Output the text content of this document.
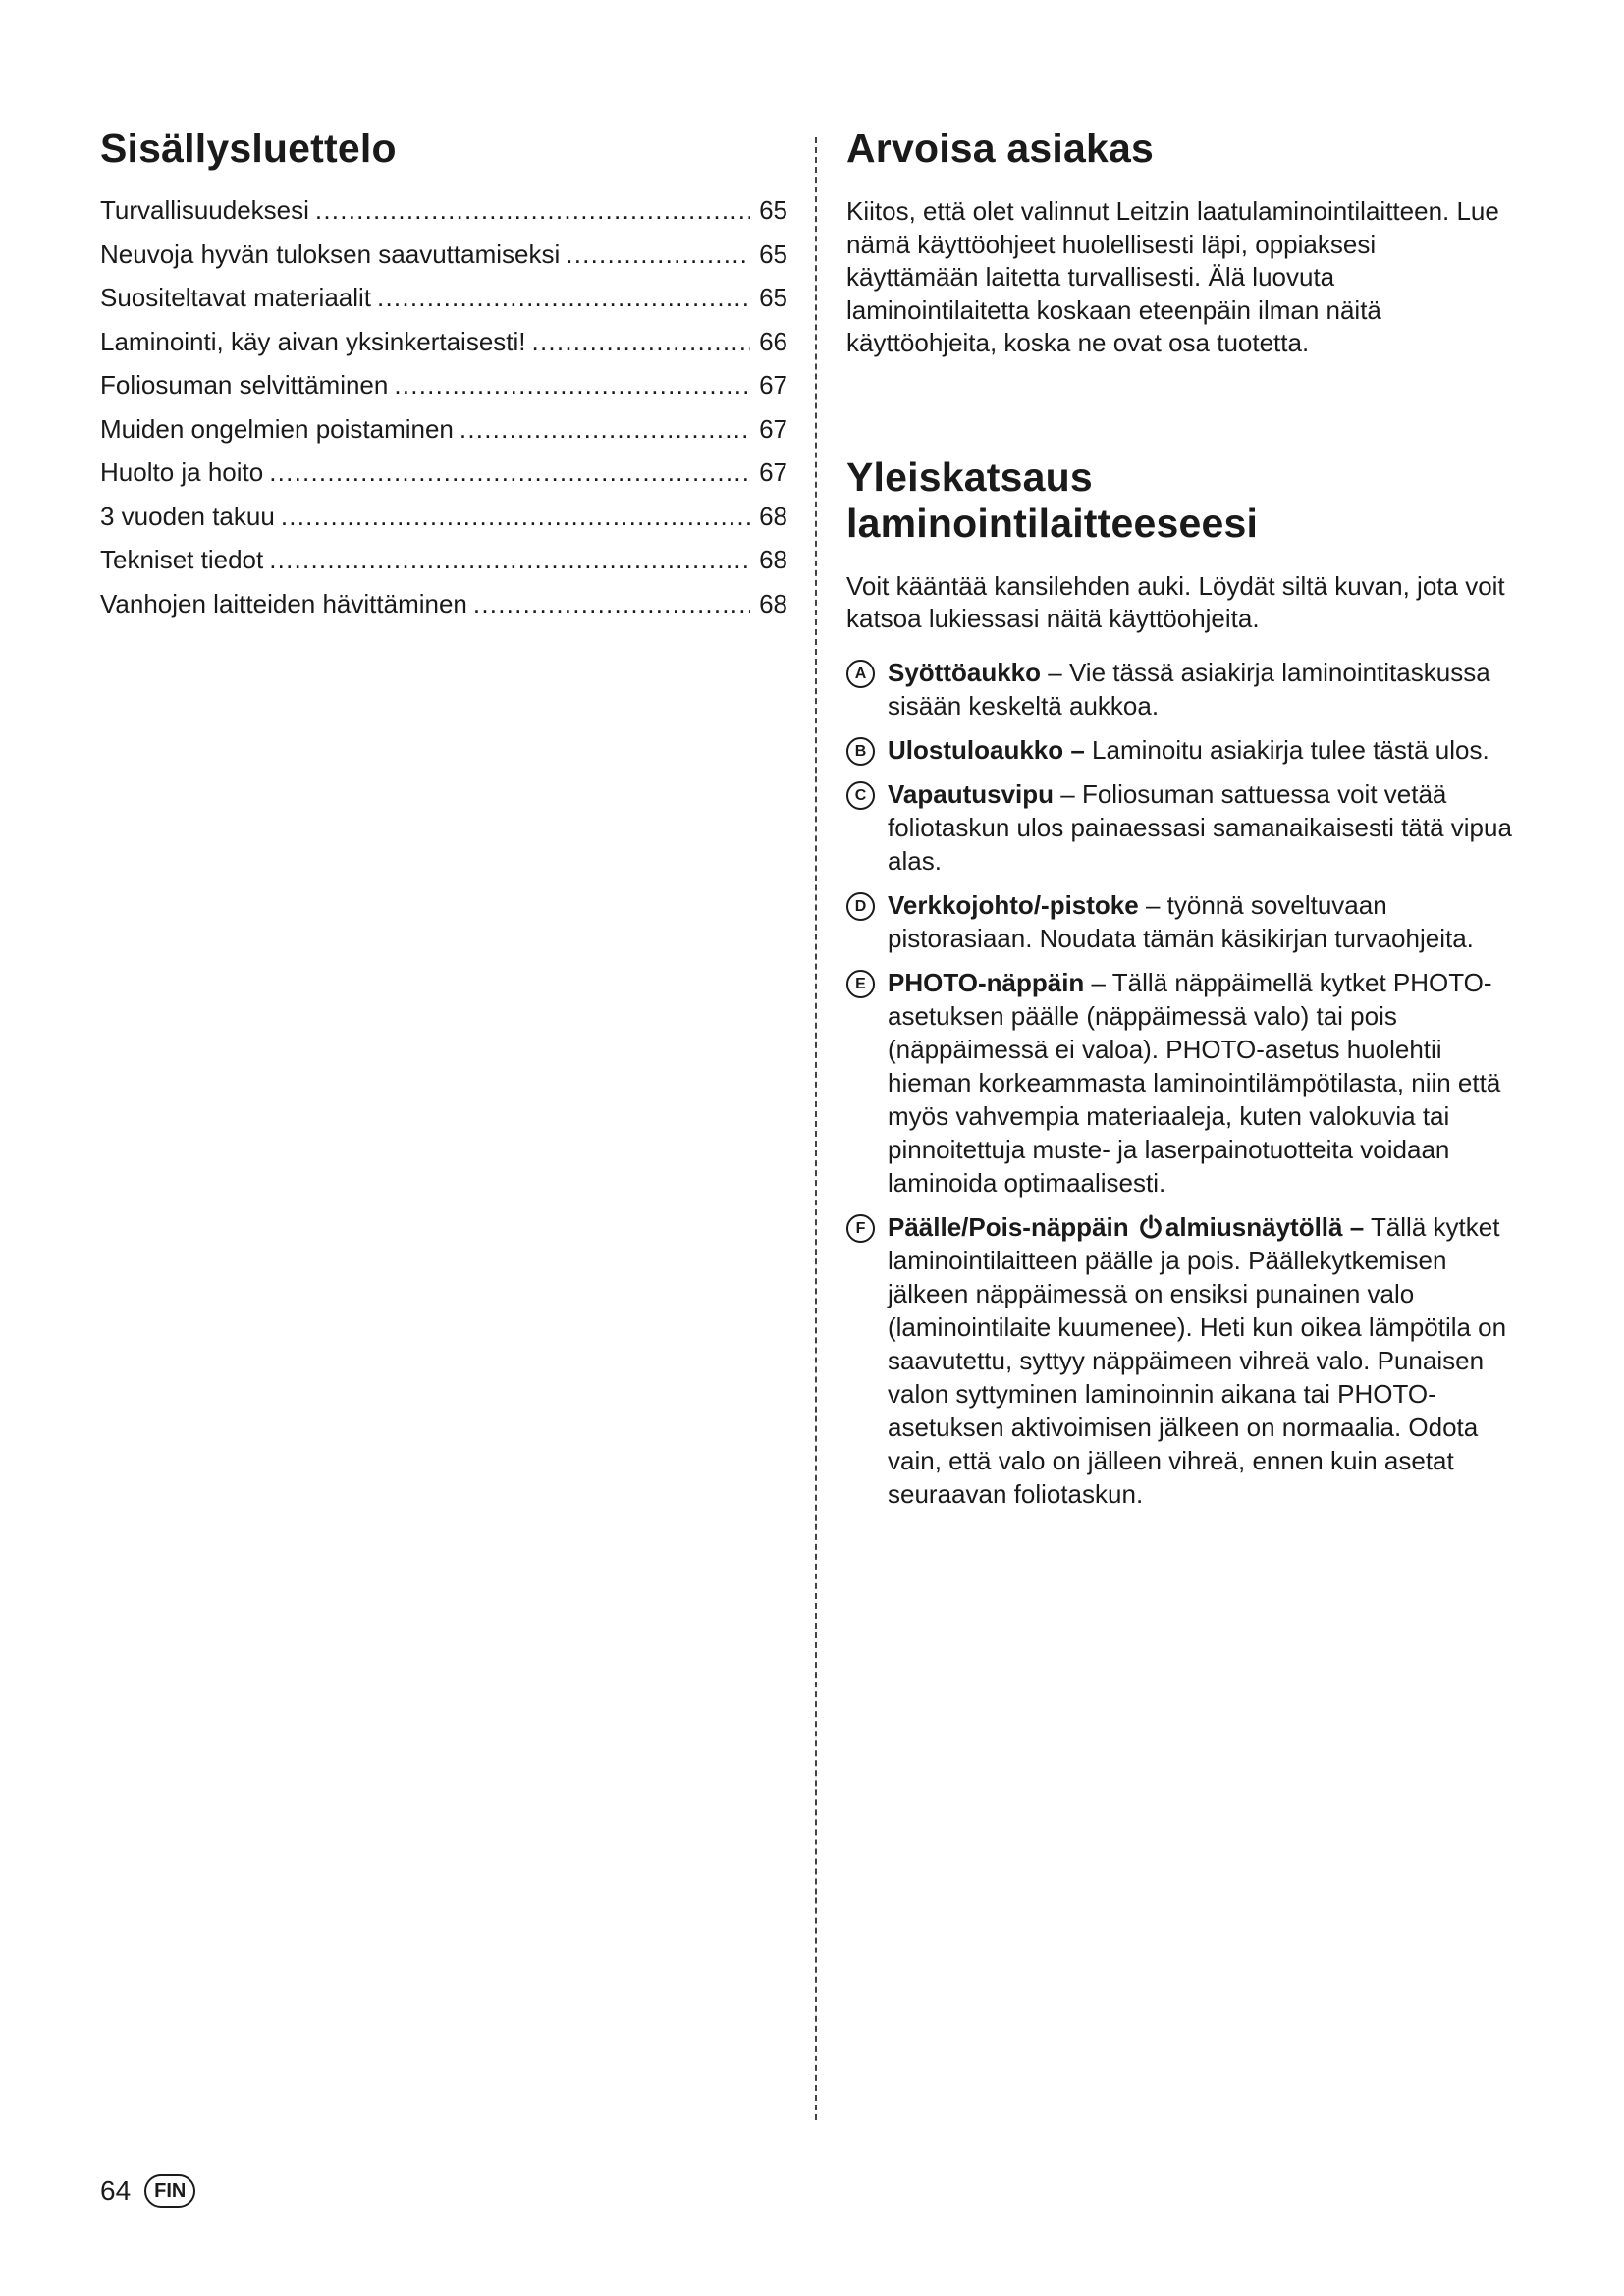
Sisällysluettelo
Turvallisuudeksesi . . .	65
Neuvoja hyvän tuloksen saavuttamiseksi . . .	65
Suositeltavat materiaalit . . .	65
Laminointi, käy aivan yksinkertaisesti! . . .	66
Foliosuman selvittäminen . . .	67
Muiden ongelmien poistaminen . . .	67
Huolto ja hoito . . .	67
3 vuoden takuu . . .	68
Tekniset tiedot . . .	68
Vanhojen laitteiden hävittäminen . . .	68
Arvoisa asiakas

Kiitos, että olet valinnut Leitzin laatulaminointilaitteen. Lue nämä käyttöohjeet huolellisesti läpi, oppiaksesi käyttämään laitetta turvallisesti. Älä luovuta laminointilaitetta koskaan eteenpäin ilman näitä käyttöohjeita, koska ne ovat osa tuotetta.

Yleiskatsaus laminointilaitteeseesi

Voit kääntää kansilehden auki. Löydät siltä kuvan, jota voit katsoa lukiessasi näitä käyttöohjeita.

A Syöttöaukko – Vie tässä asiakirja laminointitaskussa sisään keskeltä aukkoa.
B Ulostuloaukko – Laminoitu asiakirja tulee tästä ulos.
C Vapautusvipu – Foliosuman sattuessa voit vetää foliotaskun ulos painaessasi samanaikaisesti tätä vipua alas.
D Verkkojohto/-pistoke – työnnä soveltuvaan pistorasiaan. Noudata tämän käsikirjan turvaohjeita.
E PHOTO-näppäin – Tällä näppäimellä kytket PHOTO-asetuksen päälle (näppäimessä valo) tai pois (näppäimessä ei valoa). PHOTO-asetus huolehtii hieman korkeammasta laminointilämpötilasta, niin että myös vahvempia materiaaleja, kuten valokuvia tai pinnoitettuja muste- ja laserpainotuotteita voidaan laminoida optimaalisesti.
F Päälle/Pois-näppäin almiusnäytöllä – Tällä kytket laminointilaitteen päälle ja pois. Päällekytkemisen jälkeen näppäimessä on ensiksi punainen valo (laminointilaite kuumenee). Heti kun oikea lämpötila on saavutettu, syttyy näppäimeen vihreä valo. Punaisen valon syttyminen laminoinnin aikana tai PHOTO-asetuksen aktivoimisen jälkeen on normaalia. Odota vain, että valo on jälleen vihreä, ennen kuin asetat seuraavan foliotaskun.
64	FIN
